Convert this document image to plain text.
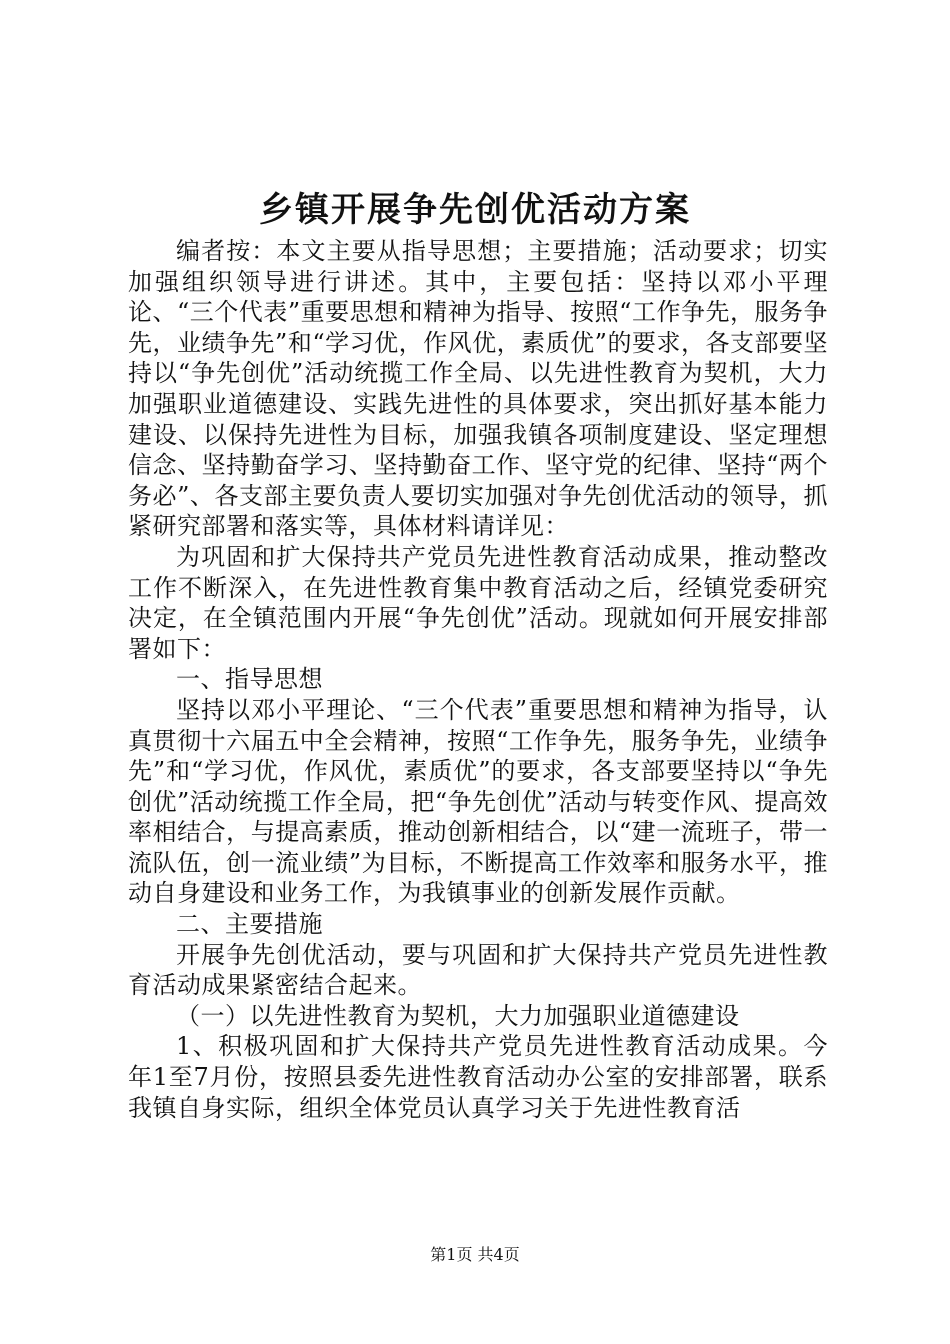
乡镇开展争先创优活动方案

编者按：本文主要从指导思想；主要措施；活动要求；切实加强组织领导进行讲述。其中，主要包括：坚持以邓小平理论、“三个代表”重要思想和精神为指导、按照“工作争先，服务争先，业绩争先”和“学习优，作风优，素质优”的要求，各支部要坚持以“争先创优”活动统揽工作全局、以先进性教育为契机，大力加强职业道德建设、实践先进性的具体要求，突出抓好基本能力建设、以保持先进性为目标，加强我镇各项制度建设、坚定理想信念、坚持勤奋学习、坚持勤奋工作、坚守党的纪律、坚持“两个务必”、各支部主要负责人要切实加强对争先创优活动的领导，抓紧研究部署和落实等，具体材料请详见：

为巩固和扩大保持共产党员先进性教育活动成果，推动整改工作不断深入，在先进性教育集中教育活动之后，经镇党委研究决定，在全镇范围内开展“争先创优”活动。现就如何开展安排部署如下：

一、指导思想

坚持以邓小平理论、“三个代表”重要思想和精神为指导，认真贯彻十六届五中全会精神，按照“工作争先，服务争先，业绩争先”和“学习优，作风优，素质优”的要求，各支部要坚持以“争先创优”活动统揽工作全局，把“争先创优”活动与转变作风、提高效率相结合，与提高素质，推动创新相结合，以“建一流班子，带一流队伍，创一流业绩”为目标，不断提高工作效率和服务水平，推动自身建设和业务工作，为我镇事业的创新发展作贡献。

二、主要措施

开展争先创优活动，要与巩固和扩大保持共产党员先进性教育活动成果紧密结合起来。

（一）以先进性教育为契机，大力加强职业道德建设

1、积极巩固和扩大保持共产党员先进性教育活动成果。今年1至7月份，按照县委先进性教育活动办公室的安排部署，联系我镇自身实际，组织全体党员认真学习关于先进性教育活

第1页 共4页
